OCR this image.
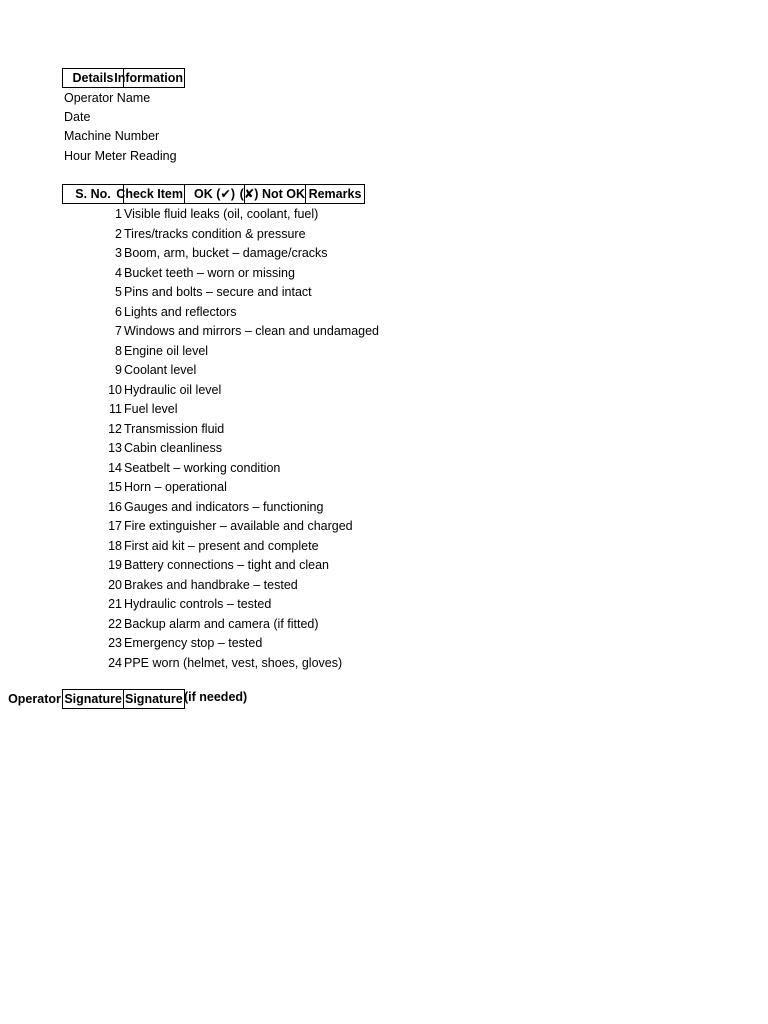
Details Information
Operator Name
Date
Machine Number
Hour Meter Reading
S. No. Check Item OK (✔) Not OK (✘) Remarks
1 Visible fluid leaks (oil, coolant, fuel)
2 Tires/tracks condition & pressure
3 Boom, arm, bucket – damage/cracks
4 Bucket teeth – worn or missing
5 Pins and bolts – secure and intact
6 Lights and reflectors
7 Windows and mirrors – clean and undamaged
8 Engine oil level
9 Coolant level
10 Hydraulic oil level
11 Fuel level
12 Transmission fluid
13 Cabin cleanliness
14 Seatbelt – working condition
15 Horn – operational
16 Gauges and indicators – functioning
17 Fire extinguisher – available and charged
18 First aid kit – present and complete
19 Battery connections – tight and clean
20 Brakes and handbrake – tested
21 Hydraulic controls – tested
22 Backup alarm and camera (if fitted)
23 Emergency stop – tested
24 PPE worn (helmet, vest, shoes, gloves)
Operator Signature Signature (if needed)
